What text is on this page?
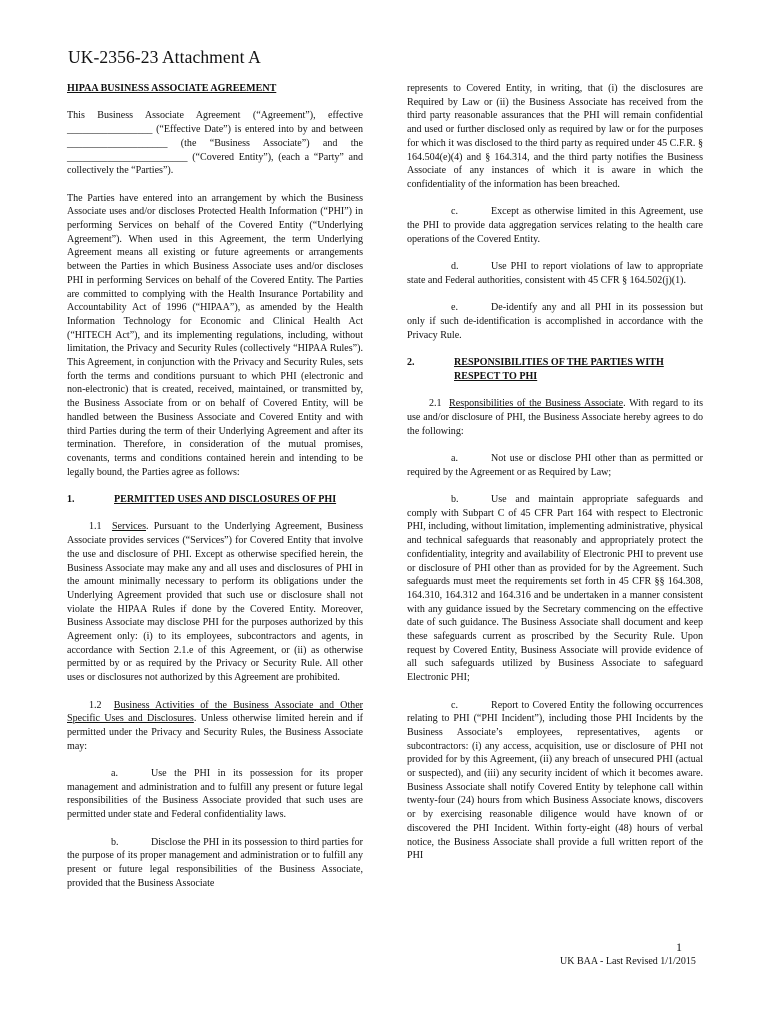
UK-2356-23 Attachment A
HIPAA BUSINESS ASSOCIATE AGREEMENT

This Business Associate Agreement (“Agreement”), effective _________________ (“Effective Date”) is entered into by and between ____________________ (the “Business Associate”) and the ________________________ (“Covered Entity”), (each a “Party” and collectively the “Parties”).

The Parties have entered into an arrangement by which the Business Associate uses and/or discloses Protected Health Information (“PHI”) in performing Services on behalf of the Covered Entity (“Underlying Agreement”). When used in this Agreement, the term Underlying Agreement means all existing or future agreements or arrangements between the Parties in which Business Associate uses and/or discloses PHI in performing Services on behalf of the Covered Entity. The Parties are committed to complying with the Health Insurance Portability and Accountability Act of 1996 (“HIPAA”), as amended by the Health Information Technology for Economic and Clinical Health Act (“HITECH Act”), and its implementing regulations, including, without limitation, the Privacy and Security Rules (collectively “HIPAA Rules”). This Agreement, in conjunction with the Privacy and Security Rules, sets forth the terms and conditions pursuant to which PHI (electronic and non-electronic) that is created, received, maintained, or transmitted by, the Business Associate from or on behalf of Covered Entity, will be handled between the Business Associate and Covered Entity and with third Parties during the term of their Underlying Agreement and after its termination. Therefore, in consideration of the mutual promises, covenants, terms and conditions contained herein and intending to be legally bound, the Parties agree as follows:

1.	PERMITTED USES AND DISCLOSURES OF PHI

1.1 Services. Pursuant to the Underlying Agreement, Business Associate provides services (“Services”) for Covered Entity that involve the use and disclosure of PHI. Except as otherwise specified herein, the Business Associate may make any and all uses and disclosures of PHI in the amount minimally necessary to perform its obligations under the Underlying Agreement provided that such use or disclosure shall not violate the HIPAA Rules if done by the Covered Entity. Moreover, Business Associate may disclose PHI for the purposes authorized by this Agreement only: (i) to its employees, subcontractors and agents, in accordance with Section 2.1.e of this Agreement, or (ii) as otherwise permitted by or as required by the Privacy or Security Rule. All other uses or disclosures not authorized by this Agreement are prohibited.

1.2 Business Activities of the Business Associate and Other Specific Uses and Disclosures. Unless otherwise limited herein and if permitted under the Privacy and Security Rules, the Business Associate may:

a.	Use the PHI in its possession for its proper management and administration and to fulfill any present or future legal responsibilities of the Business Associate provided that such uses are permitted under state and Federal confidentiality laws.

b.	Disclose the PHI in its possession to third parties for the purpose of its proper management and administration or to fulfill any present or future legal responsibilities of the Business Associate, provided that the Business Associate

represents to Covered Entity, in writing, that (i) the disclosures are Required by Law or (ii) the Business Associate has received from the third party reasonable assurances that the PHI will remain confidential and used or further disclosed only as required by law or for the purposes for which it was disclosed to the third party as required under 45 C.F.R. § 164.504(e)(4) and § 164.314, and the third party notifies the Business Associate of any instances of which it is aware in which the confidentiality of the information has been breached.

c.	Except as otherwise limited in this Agreement, use the PHI to provide data aggregation services relating to the health care operations of the Covered Entity.

d.	Use PHI to report violations of law to appropriate state and Federal authorities, consistent with 45 CFR § 164.502(j)(1).

e.	De-identify any and all PHI in its possession but only if such de-identification is accomplished in accordance with the Privacy Rule.

2.	RESPONSIBILITIES OF THE PARTIES WITH RESPECT TO PHI

2.1 Responsibilities of the Business Associate. With regard to its use and/or disclosure of PHI, the Business Associate hereby agrees to do the following:

a.	Not use or disclose PHI other than as permitted or required by the Agreement or as Required by Law;

b.	Use and maintain appropriate safeguards and comply with Subpart C of 45 CFR Part 164 with respect to Electronic PHI, including, without limitation, implementing administrative, physical and technical safeguards that reasonably and appropriately protect the confidentiality, integrity and availability of Electronic PHI to prevent use or disclosure of PHI other than as provided for by the Agreement. Such safeguards must meet the requirements set forth in 45 CFR §§ 164.308, 164.310, 164.312 and 164.316 and be undertaken in a manner consistent with any guidance issued by the Secretary commencing on the effective date of such guidance. The Business Associate shall document and keep these safeguards current as proscribed by the Security Rule. Upon request by Covered Entity, Business Associate will provide evidence of all such safeguards utilized by Business Associate to safeguard Electronic PHI;

c.	Report to Covered Entity the following occurrences relating to PHI (“PHI Incident”), including those PHI Incidents by the Business Associate’s employees, representatives, agents or subcontractors: (i) any access, acquisition, use or disclosure of PHI not provided for by this Agreement, (ii) any breach of unsecured PHI (actual or suspected), and (iii) any security incident of which it becomes aware. Business Associate shall notify Covered Entity by telephone call within twenty-four (24) hours from which Business Associate knows, discovers or by exercising reasonable diligence would have known of or discovered the PHI Incident. Within forty-eight (48) hours of verbal notice, the Business Associate shall provide a full written report of the PHI

1
UK BAA - Last Revised 1/1/2015
